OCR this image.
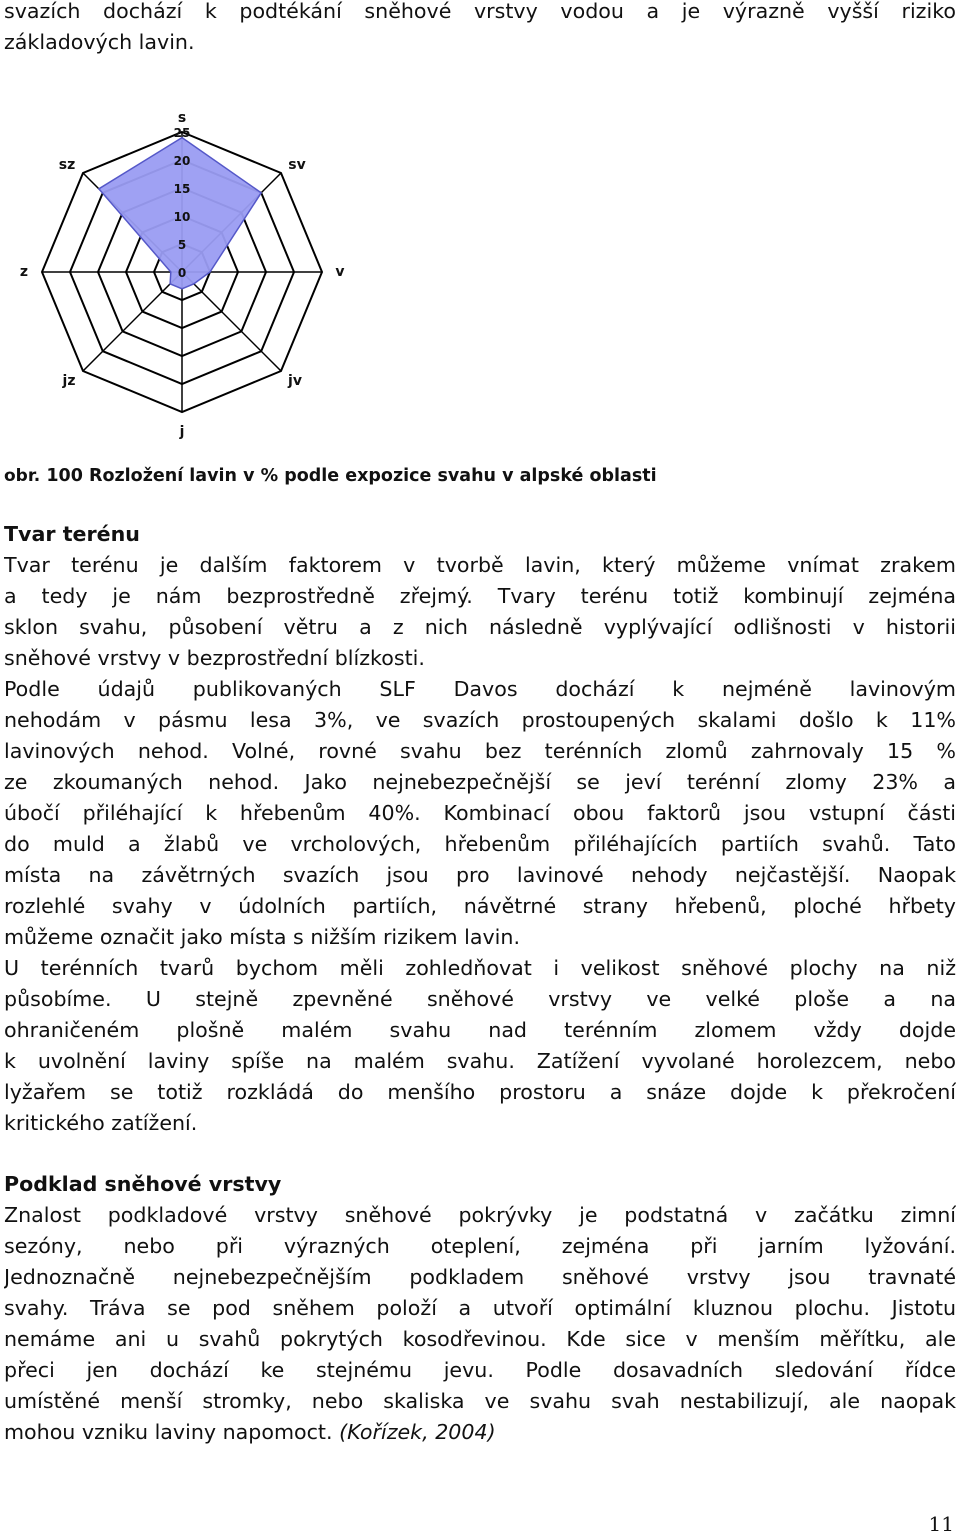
svazích dochází k podtékání sněhové vrstvy vodou a je výrazně vyšší riziko
základových lavin.
0
5
10
15
20
25
s
sv
v
jv
j
jz
z
sz

obr. 100 Rozložení lavin v % podle expozice svahu v alpské oblasti

Tvar terénu

Tvar terénu je dalším faktorem v tvorbě lavin, který můžeme vnímat zrakem
a tedy je nám bezprostředně zřejmý. Tvary terénu totiž kombinují zejména
sklon svahu, působení větru a z nich následně vyplývající odlišnosti v historii
sněhové vrstvy v bezprostřední blízkosti.
Podle údajů publikovaných SLF Davos dochází k nejméně lavinovým
nehodám v pásmu lesa 3%, ve svazích prostoupených skalami došlo k 11%
lavinových nehod. Volné, rovné svahu bez terénních zlomů zahrnovaly 15 %
ze zkoumaných nehod. Jako nejnebezpečnější se jeví terénní zlomy 23% a
úbočí přiléhající k hřebenům 40%. Kombinací obou faktorů jsou vstupní části
do muld a žlabů ve vrcholových, hřebenům přiléhajících partiích svahů. Tato
místa na závětrných svazích jsou pro lavinové nehody nejčastější. Naopak
rozlehlé svahy v údolních partiích, návětrné strany hřebenů, ploché hřbety
můžeme označit jako místa s nižším rizikem lavin.
U terénních tvarů bychom měli zohledňovat i velikost sněhové plochy na niž
působíme. U stejně zpevněné sněhové vrstvy ve velké ploše a na
ohraničeném plošně malém svahu nad terénním zlomem vždy dojde
k uvolnění laviny spíše na malém svahu. Zatížení vyvolané horolezcem, nebo
lyžařem se totiž rozkládá do menšího prostoru a snáze dojde k překročení
kritického zatížení.

Podklad sněhové vrstvy

Znalost podkladové vrstvy sněhové pokrývky je podstatná v začátku zimní
sezóny, nebo při výrazných oteplení, zejména při jarním lyžování.
Jednoznačně nejnebezpečnějším podkladem sněhové vrstvy jsou travnaté
svahy. Tráva se pod sněhem položí a utvoří optimální kluznou plochu. Jistotu
nemáme ani u svahů pokrytých kosodřevinou. Kde sice v menším měřítku, ale
přeci jen dochází ke stejnému jevu. Podle dosavadních sledování řídce
umístěné menší stromky, nebo skaliska ve svahu svah nestabilizují, ale naopak
mohou vzniku laviny napomoct. (Kořízek, 2004)
11
